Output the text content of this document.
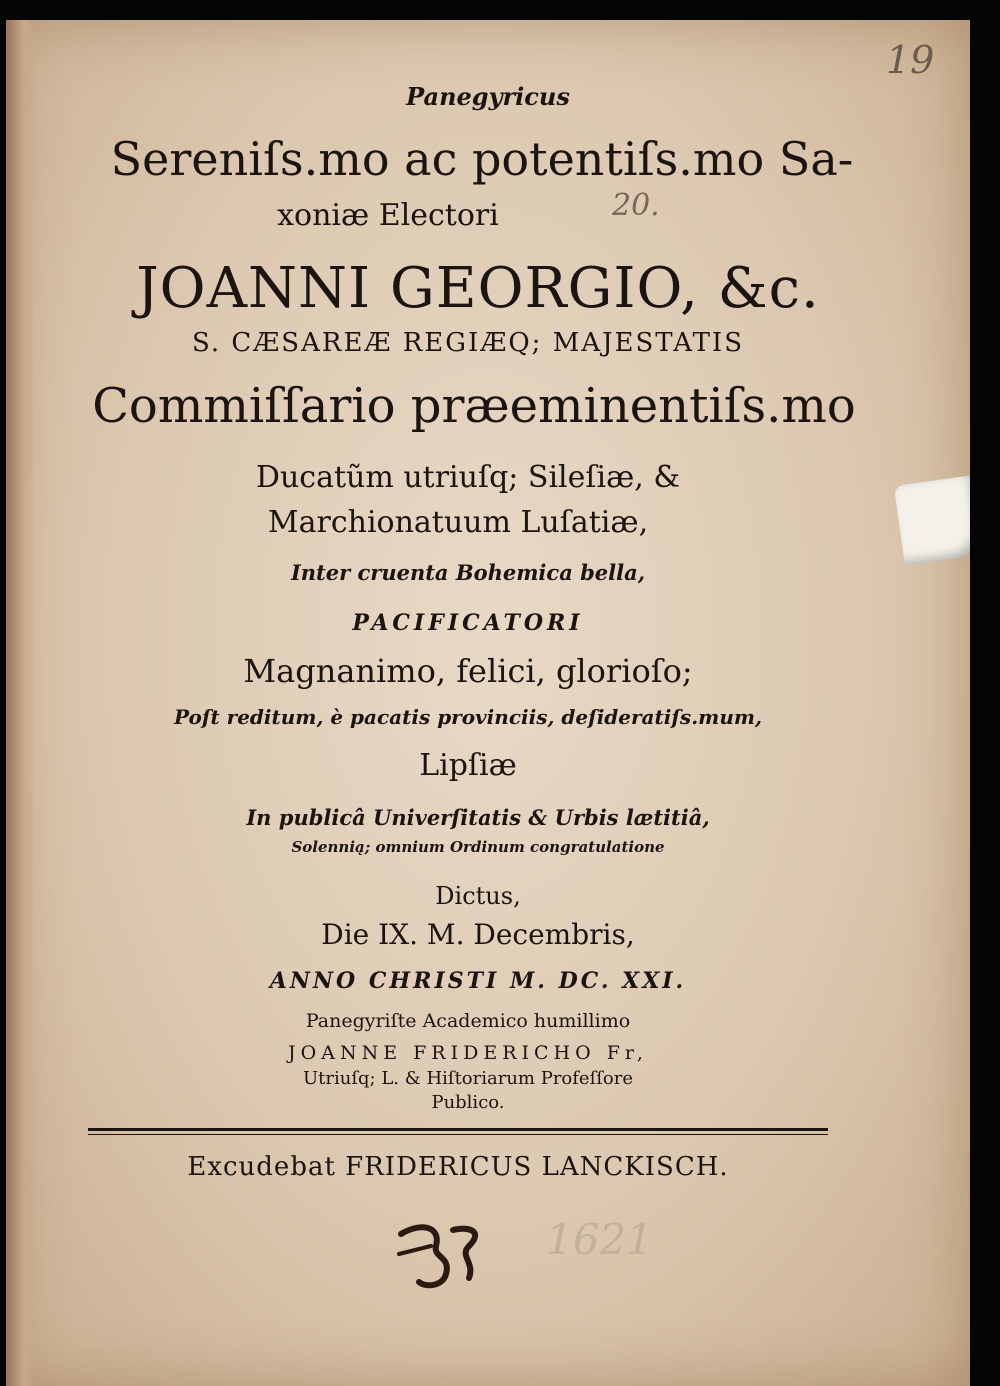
19
20.
1621
Panegyricus
Sereniſs.mo ac potentiſs.mo Sa-
xoniæ Electori
JOANNI GEORGIO, &c.
S. CÆSAREÆ REGIÆQ; MAJESTATIS
Commiſſario præeminentiſs.mo
Ducatũm utriuſq; Sileſiæ, &
Marchionatuum Luſatiæ,
Inter cruenta Bohemica bella,
PACIFICATORI
Magnanimo, felici, glorioſo;
Poſt reditum, è pacatis provinciis, deſideratiſs.mum,
Lipſiæ
In publicâ Univerſitatis & Urbis lætitiâ,
Solennią; omnium Ordinum congratulatione
Dictus,
Die IX. M. Decembris,
ANNO CHRISTI M. DC. XXI.
Panegyriſte Academico humillimo
JOANNE FRIDERICHO Fr,
Utriuſq; L. & Hiſtoriarum Profeſſore
Publico.
Excudebat FRIDERICUS LANCKISCH.
